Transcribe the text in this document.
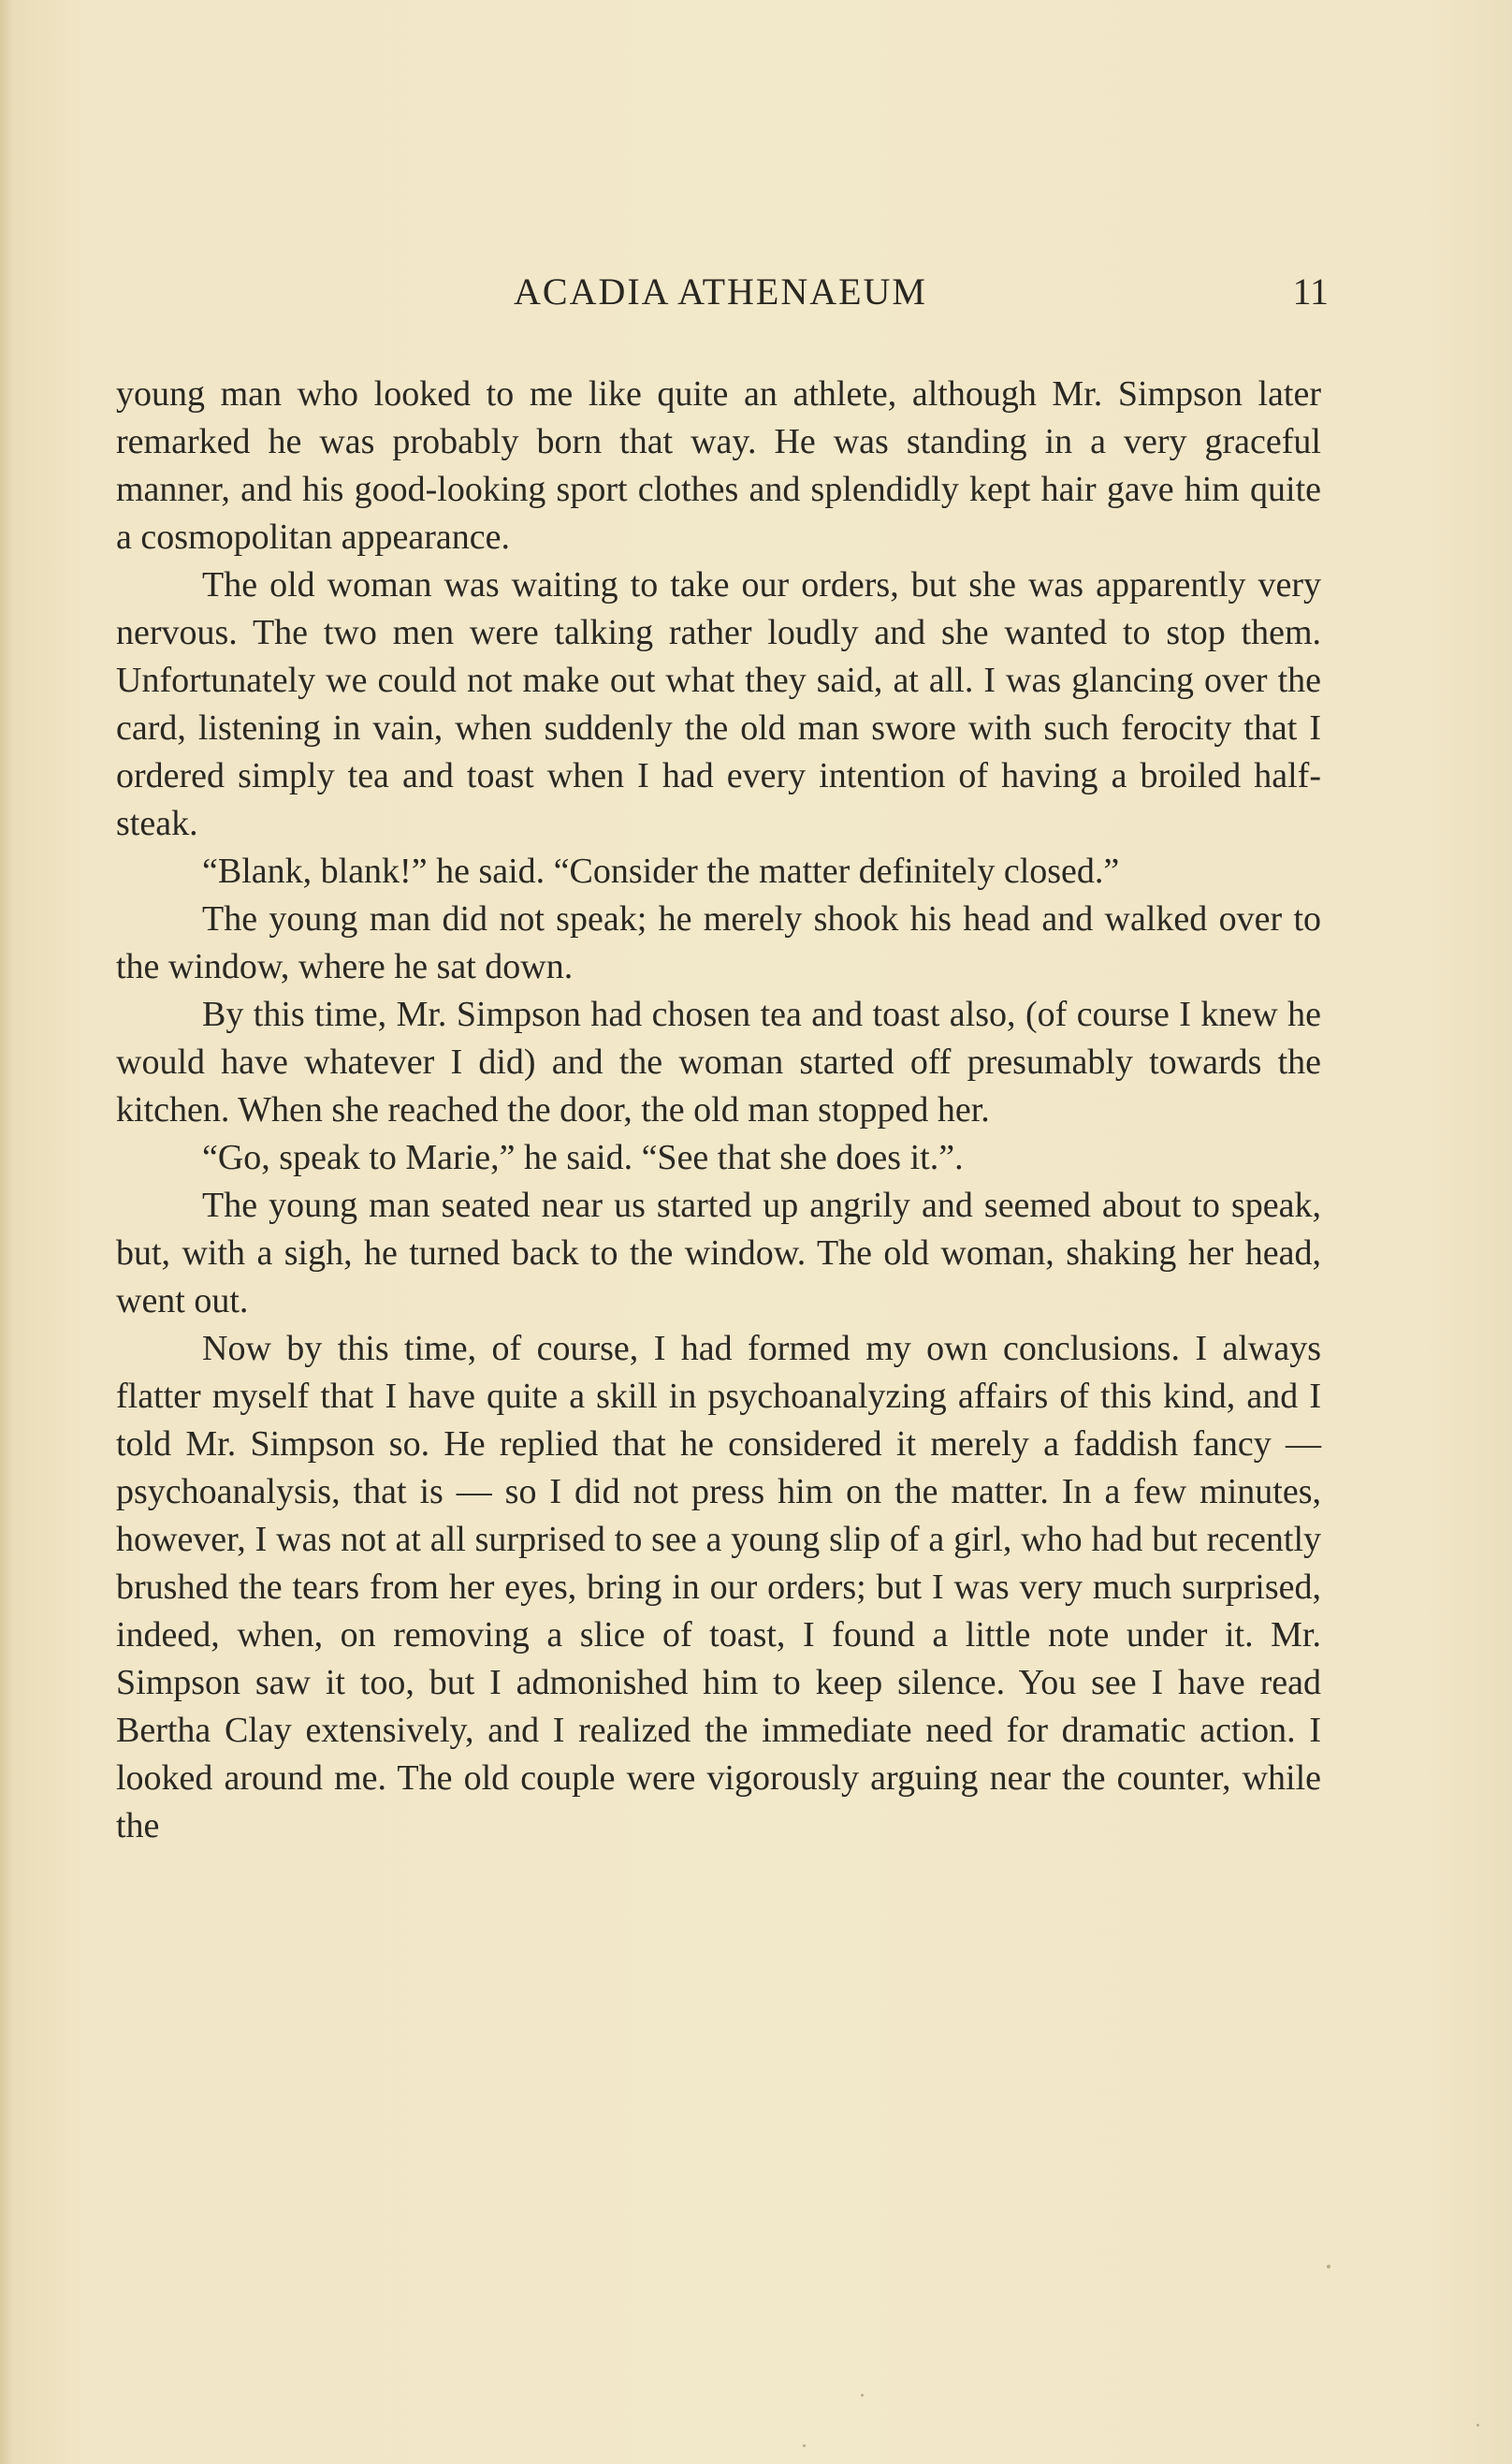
ACADIA ATHENAEUM	11

young man who looked to me like quite an athlete, although Mr. Simpson later remarked he was probably born that way. He was standing in a very graceful manner, and his good-looking sport clothes and splendidly kept hair gave him quite a cosmopolitan appearance.

The old woman was waiting to take our orders, but she was apparently very nervous. The two men were talking rather loudly and she wanted to stop them. Unfortunately we could not make out what they said, at all. I was glancing over the card, listening in vain, when suddenly the old man swore with such ferocity that I ordered simply tea and toast when I had every intention of having a broiled half-steak.

“Blank, blank!” he said. “Consider the matter definitely closed.”

The young man did not speak; he merely shook his head and walked over to the window, where he sat down.

By this time, Mr. Simpson had chosen tea and toast also, (of course I knew he would have whatever I did) and the woman started off presumably towards the kitchen. When she reached the door, the old man stopped her.

“Go, speak to Marie,” he said. “See that she does it.”.

The young man seated near us started up angrily and seemed about to speak, but, with a sigh, he turned back to the window. The old woman, shaking her head, went out.

Now by this time, of course, I had formed my own conclusions. I always flatter myself that I have quite a skill in psychoanalyzing affairs of this kind, and I told Mr. Simpson so. He replied that he considered it merely a faddish fancy — psychoanalysis, that is — so I did not press him on the matter. In a few minutes, however, I was not at all surprised to see a young slip of a girl, who had but recently brushed the tears from her eyes, bring in our orders; but I was very much surprised, indeed, when, on removing a slice of toast, I found a little note under it. Mr. Simpson saw it too, but I admonished him to keep silence. You see I have read Bertha Clay extensively, and I realized the immediate need for dramatic action. I looked around me. The old couple were vigorously arguing near the counter, while the
